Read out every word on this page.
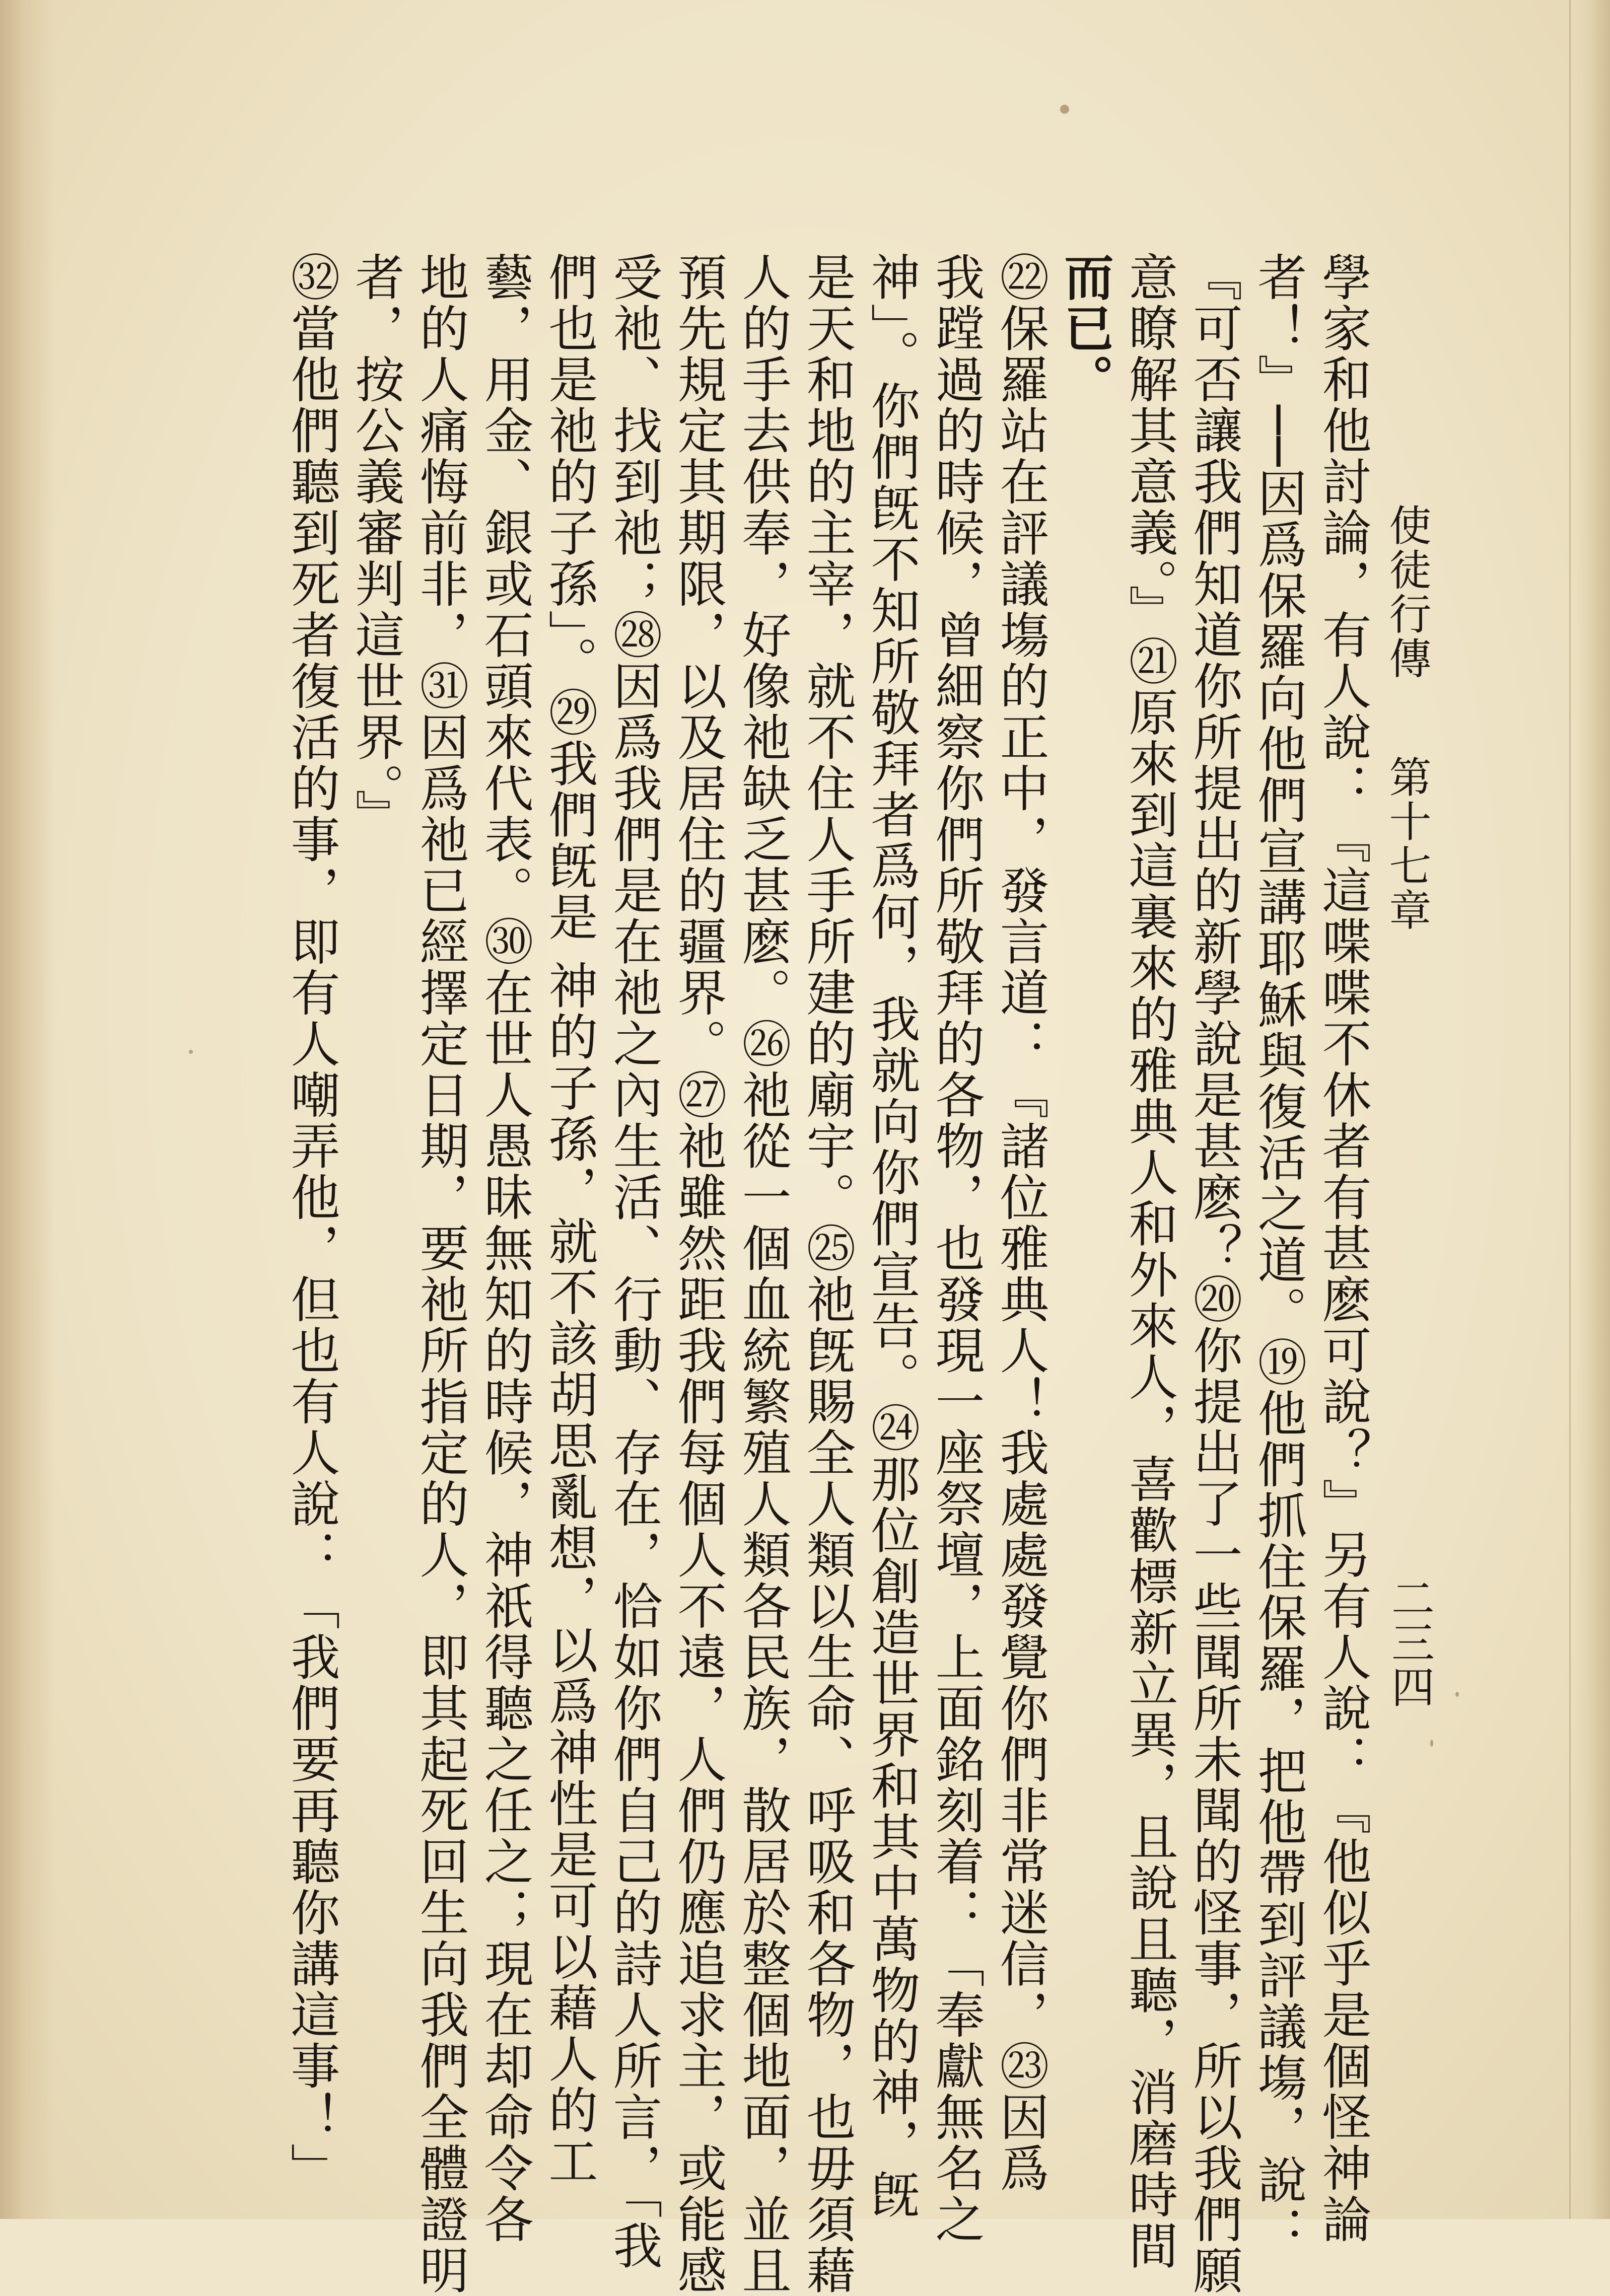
第十七章
使徒行傳
二三四
學家和他討論，有人說：『這喋喋不休者有甚麽可說？』另有人說：『他似乎是個怪神論
者！』──因爲保羅向他們宣講耶穌與復活之道。⑲他們抓住保羅，把他帶到評議塲，說：
『可否讓我們知道你所提出的新學說是甚麽？⑳你提出了一些聞所未聞的怪事，所以我們願
意瞭解其意義。』㉑原來到這裏來的雅典人和外來人，喜歡標新立異，且說且聽，消磨時間
而已。
㉒保羅站在評議塲的正中，發言道：『諸位雅典人！我處處發覺你們非常迷信，㉓因爲
我蹚過的時候，曾細察你們所敬拜的各物，也發現一座祭壇，上面銘刻着：「奉獻無名之
神」。你們旣不知所敬拜者爲何，我就向你們宣告。㉔那位創造世界和其中萬物的神，旣
是天和地的主宰，就不住人手所建的廟宇。㉕祂旣賜全人類以生命、呼吸和各物，也毋須藉
人的手去供奉，好像祂缺乏甚麽。㉖祂從一個血統繁殖人類各民族，散居於整個地面，並且
預先規定其期限，以及居住的疆界。㉗祂雖然距我們每個人不遠，人們仍應追求主，或能感
受祂、找到祂；㉘因爲我們是在祂之內生活、行動、存在，恰如你們自己的詩人所言，「我
們也是祂的子孫」。㉙我們旣是 神的子孫，就不該胡思亂想，以爲神性是可以藉人的工
藝，用金、銀或石頭來代表。㉚在世人愚昧無知的時候，神祇得聽之任之；現在却命令各
地的人痛悔前非，㉛因爲祂已經擇定日期，要祂所指定的人，即其起死回生向我們全體證明
者，按公義審判這世界。』
㉜當他們聽到死者復活的事，即有人嘲弄他，但也有人說：「我們要再聽你講這事！」
